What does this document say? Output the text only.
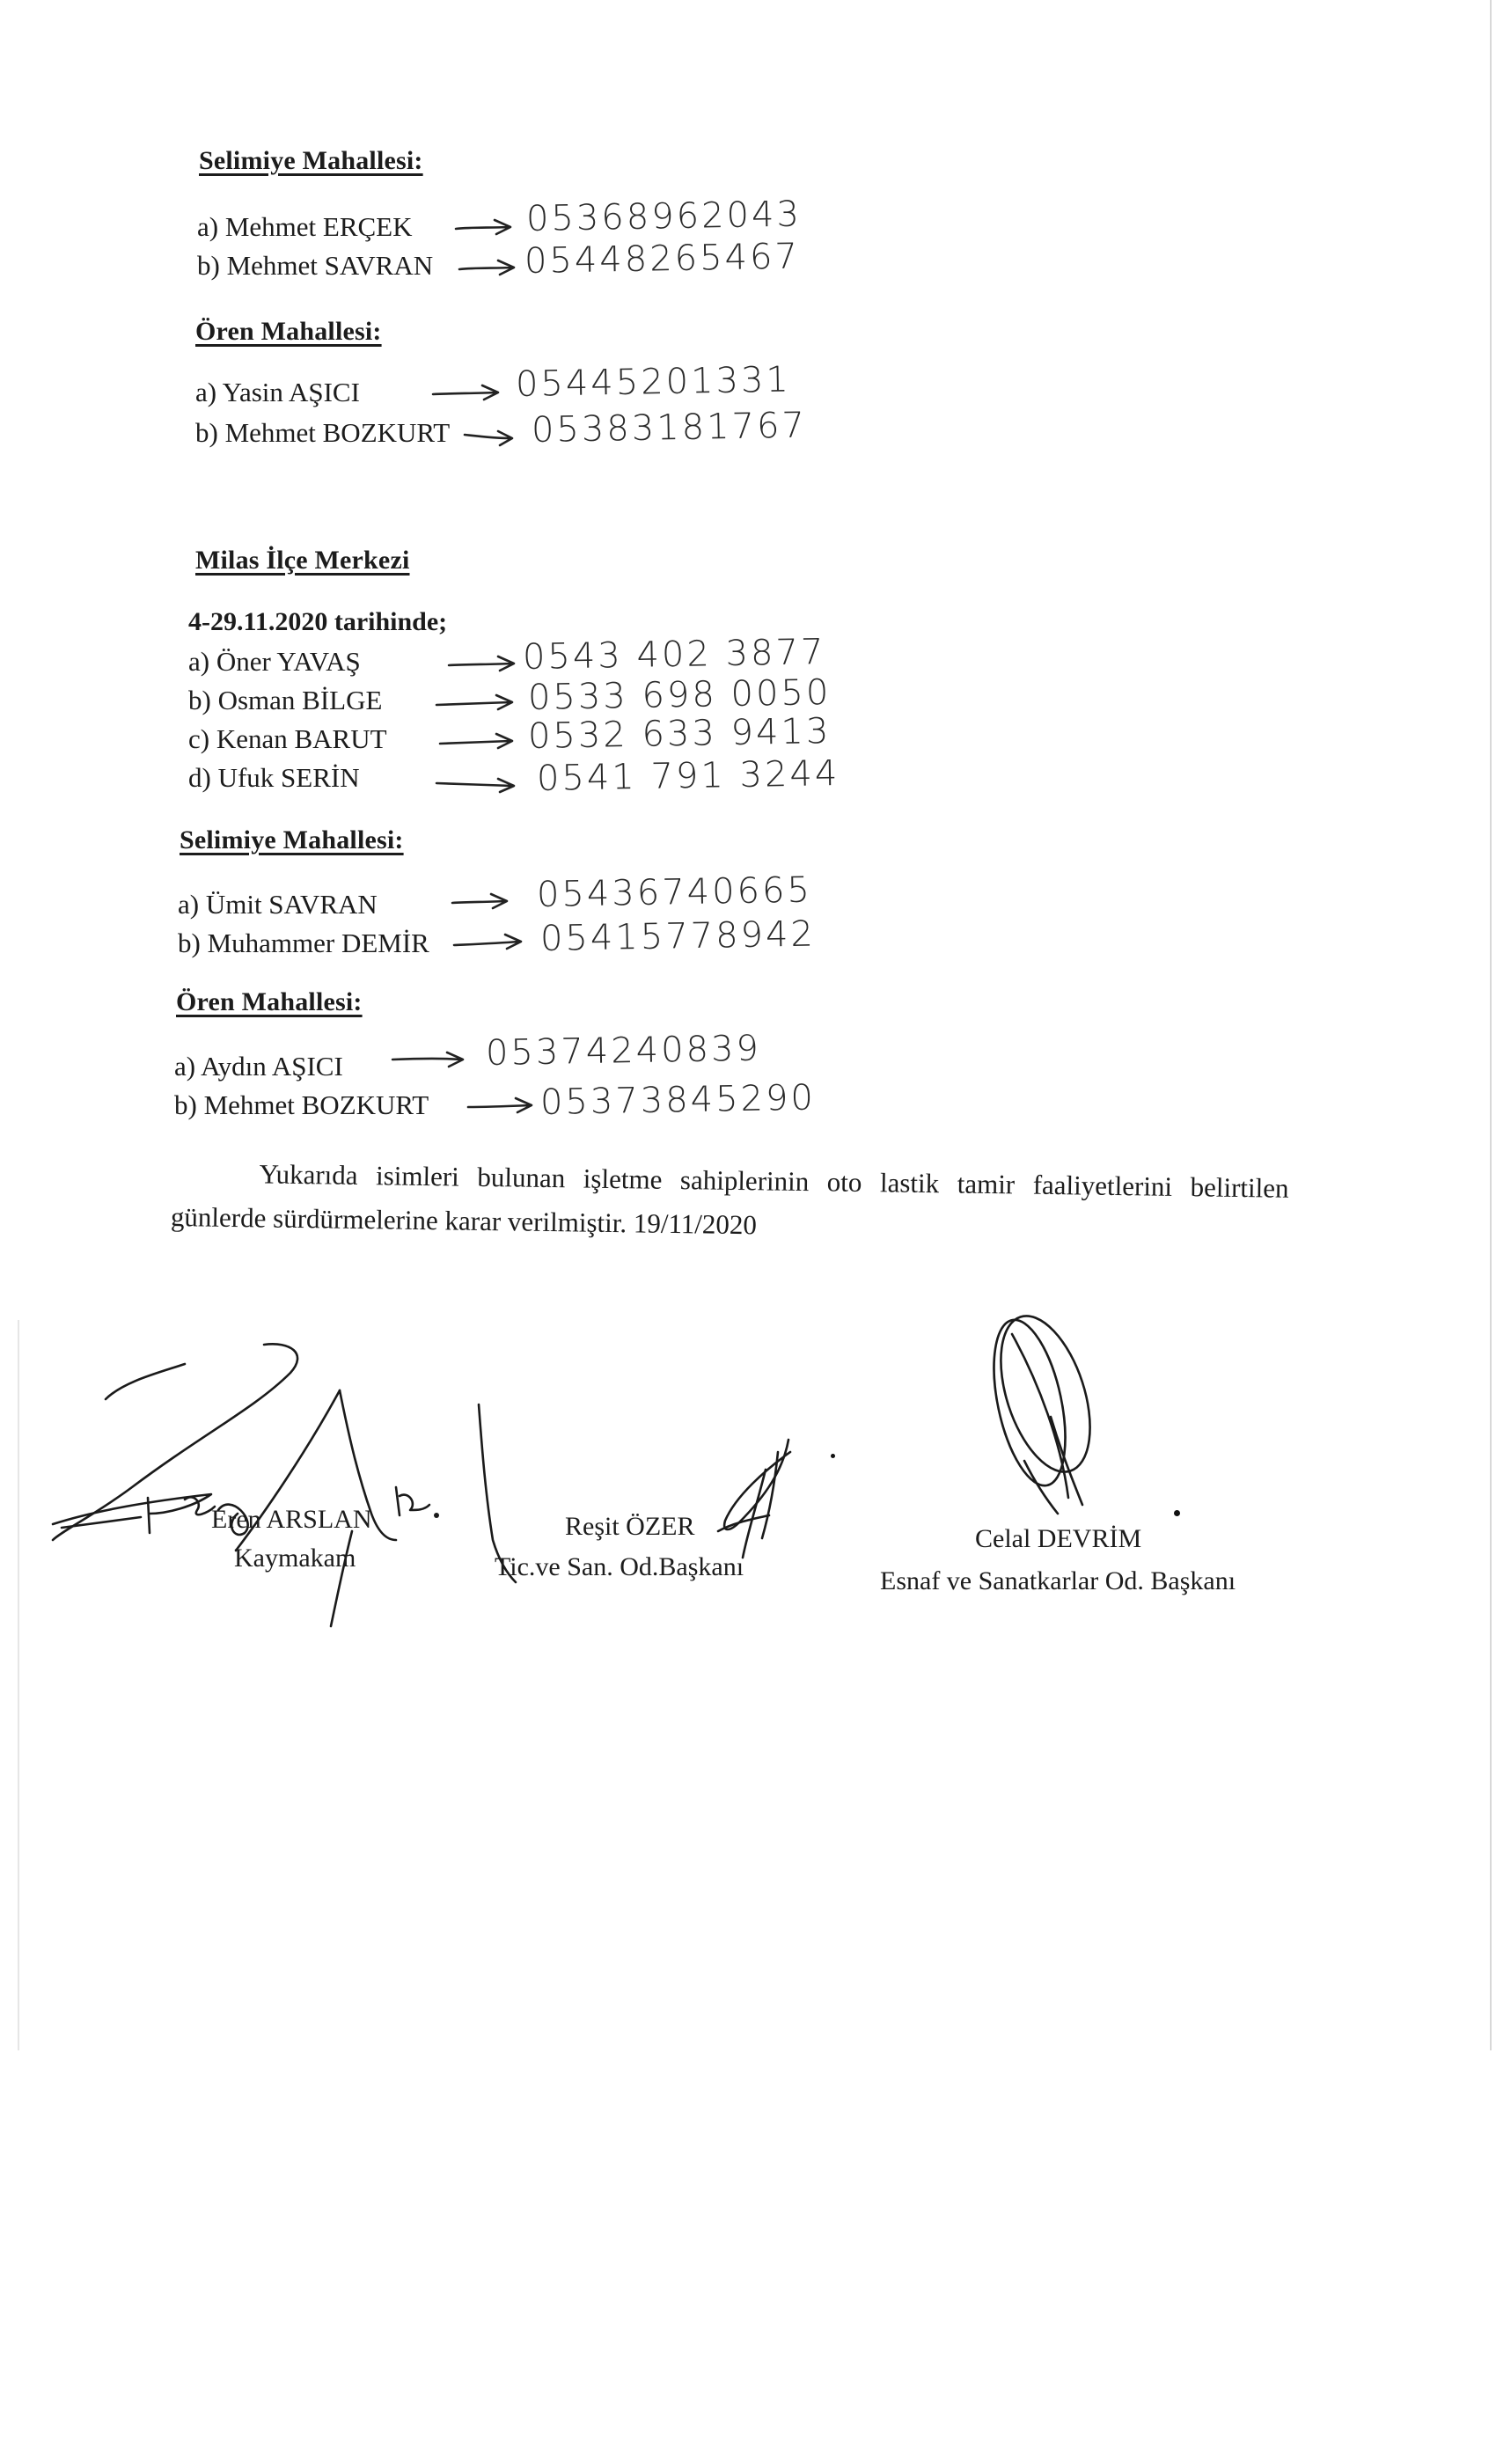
Selimiye Mahallesi:
a) Mehmet ERÇEK	05368962043
b) Mehmet SAVRAN	05448265467
Ören Mahallesi:
a) Yasin AŞICI	05445201331
b) Mehmet BOZKURT 05383181767
Milas İlçe Merkezi
4-29.11.2020 tarihinde;
a) Öner YAVAŞ	0543 402 3877
b) Osman BİLGE	0533 698 0050
c) Kenan BARUT	0532 633 9413
d) Ufuk SERİN	0541 791 3244
Selimiye Mahallesi:
a) Ümit SAVRAN	05436740665
b) Muhammer DEMİR	05415778942
Ören Mahallesi:
a) Aydın AŞICI	05374240839
b) Mehmet BOZKURT	05373845290
Yukarıda isimleri bulunan işletme sahiplerinin oto lastik tamir faaliyetlerini belirtilen
günlerde sürdürmelerine karar verilmiştir. 19/11/2020
Eren ARSLAN
Kaymakam
Reşit ÖZER
Tic.ve San. Od.Başkanı
Celal DEVRİM
Esnaf ve Sanatkarlar Od. Başkanı
